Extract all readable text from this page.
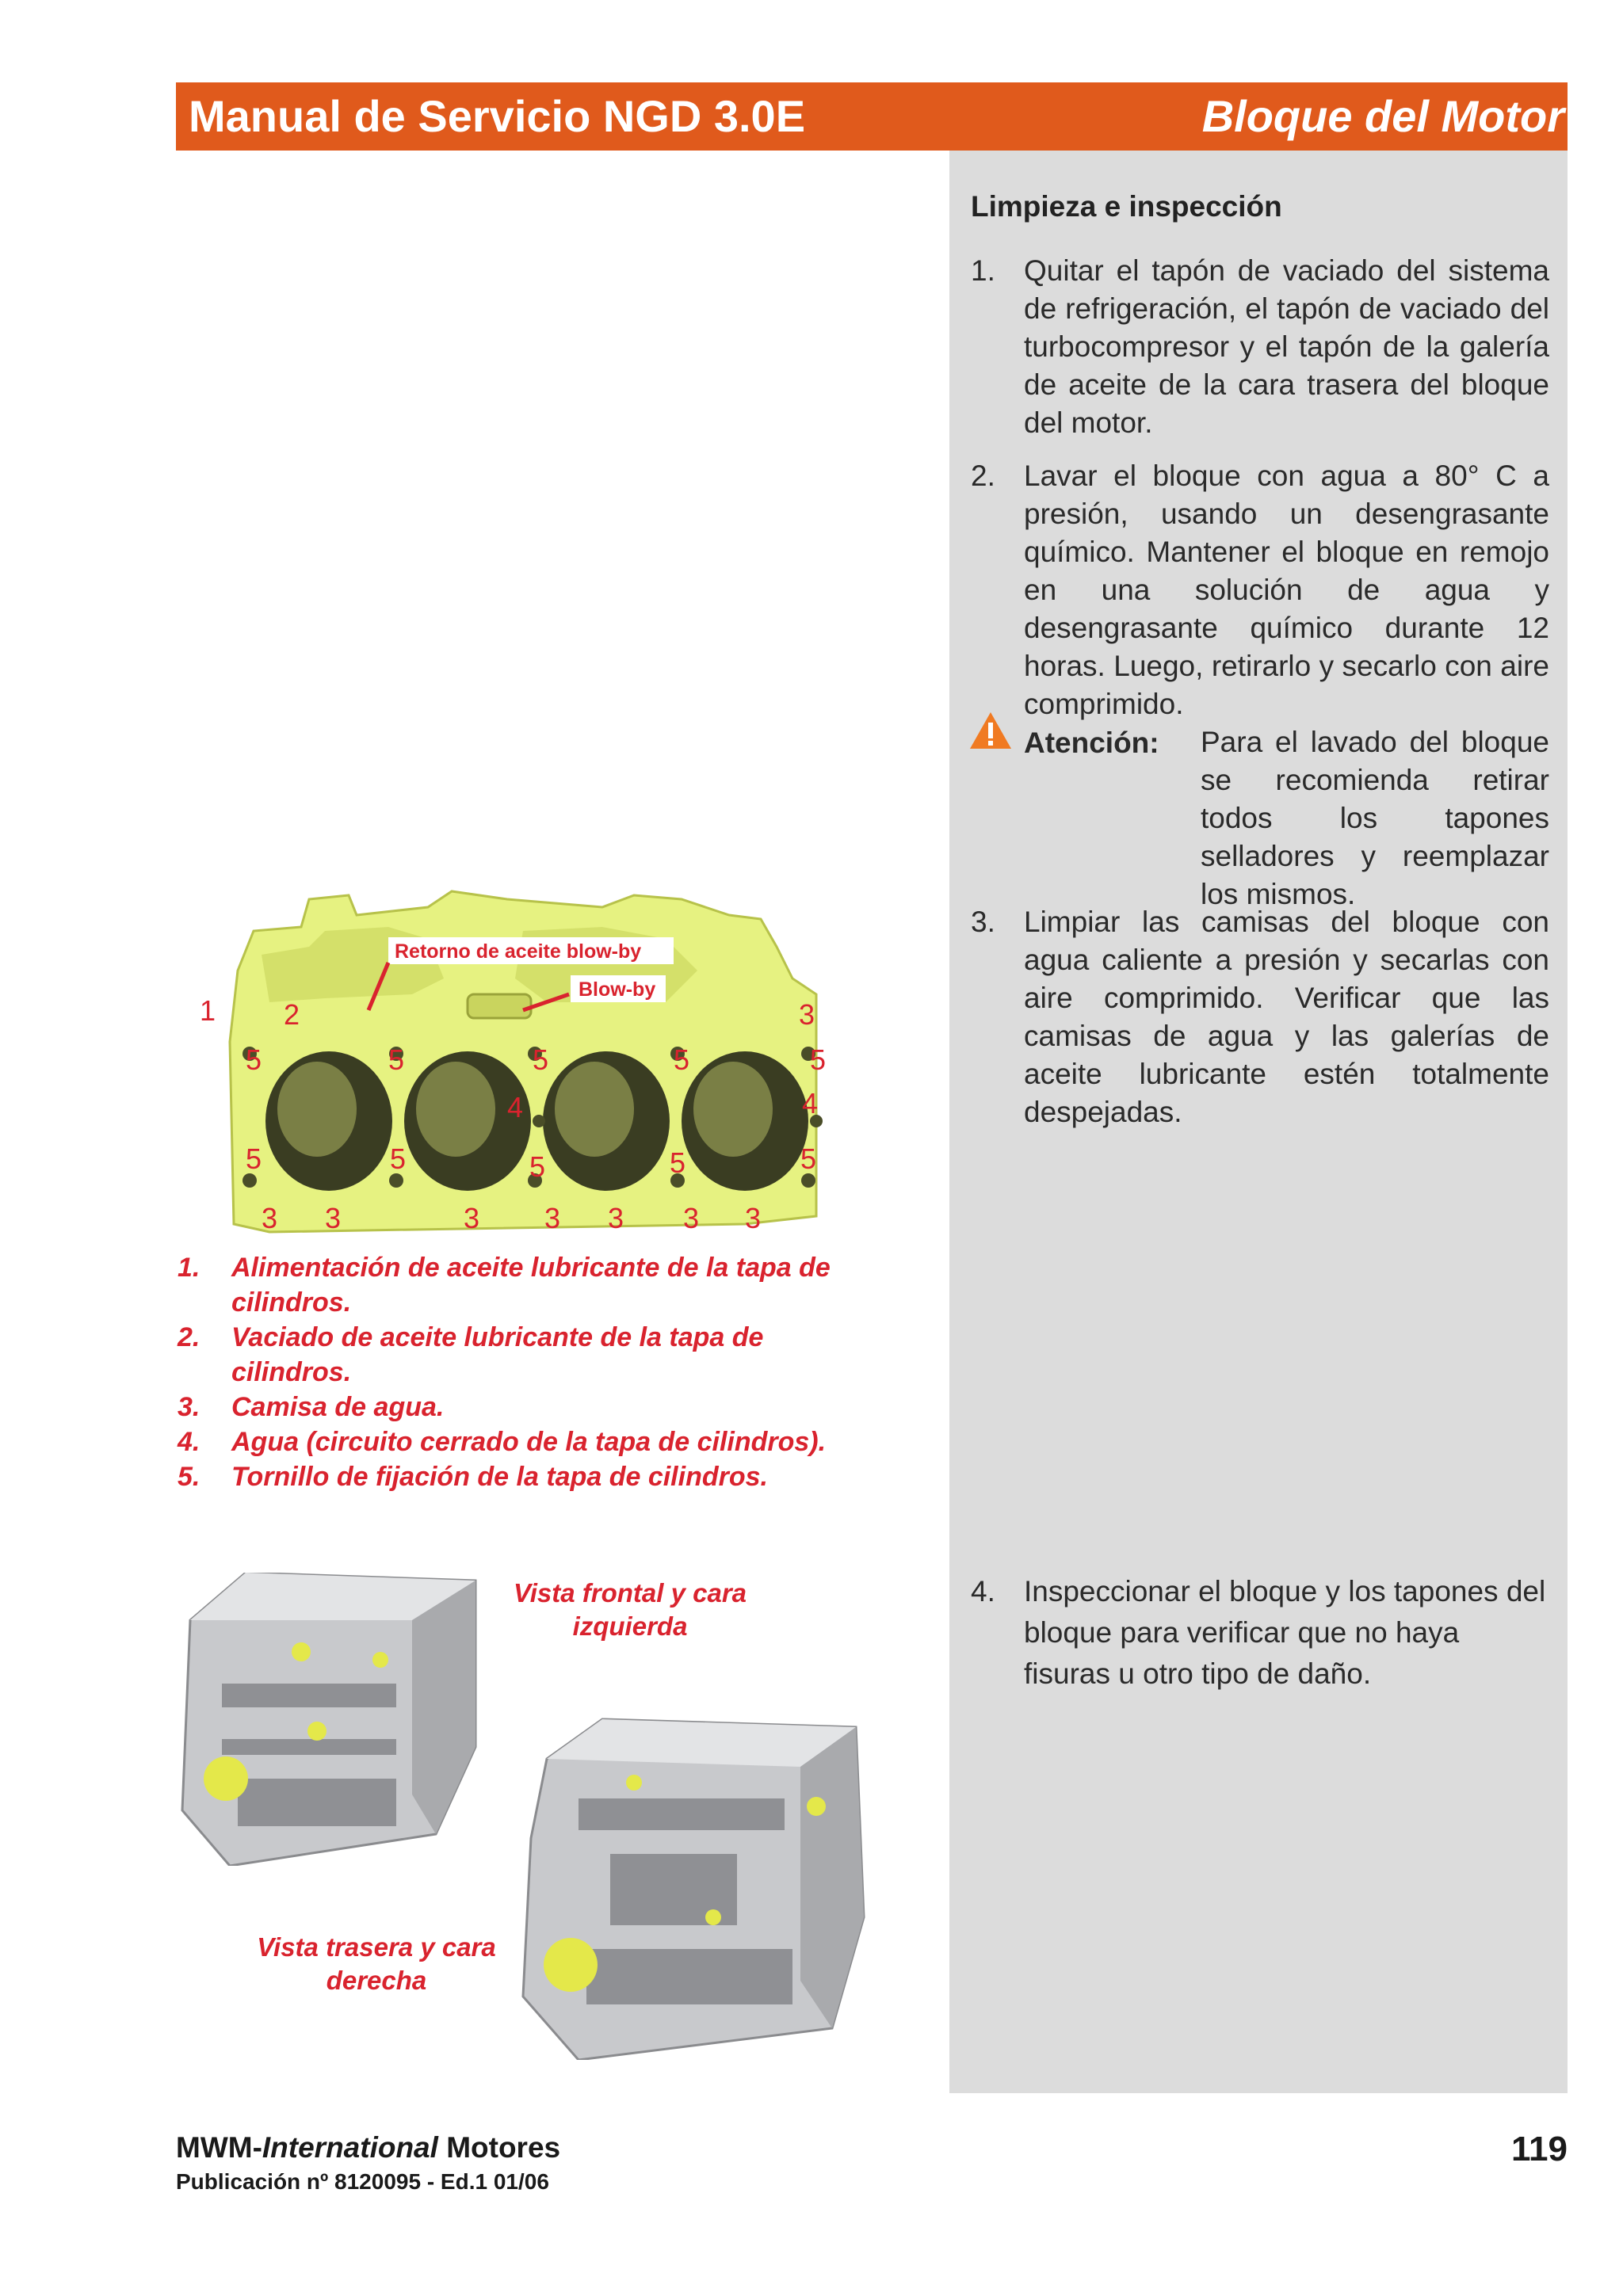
Manual de Servicio NGD 3.0E	Bloque del Motor
Limpieza e inspección
1. Quitar el tapón de vaciado del sistema de refrigeración, el tapón de vaciado del turbocompresor y el tapón de la galería de aceite de la cara trasera del bloque del motor.
2. Lavar el bloque con agua a 80° C a presión, usando un desengrasante químico. Mantener el bloque en remojo en una solución de agua y desengrasante químico durante 12 horas. Luego, retirarlo y secarlo con aire comprimido.
Atención: Para el lavado del bloque se recomienda retirar todos los tapones selladores y reemplazar los mismos.
3. Limpiar las camisas del bloque con agua caliente a presión y secarlas con aire comprimido. Verificar que las camisas de agua y las galerías de aceite lubricante estén totalmente despejadas.
4. Inspeccionar el bloque y los tapones del bloque para verificar que no haya fisuras u otro tipo de daño.
Retorno de aceite blow-by
Blow-by
1 2	3
5	5	5	5	5
4	4
5	5	5	5	5
3 3	3 3 3 3 3
1. Alimentación de aceite lubricante de la tapa de cilindros.
2. Vaciado de aceite lubricante de la tapa de cilindros.
3. Camisa de agua.
4. Agua (circuito cerrado de la tapa de cilindros).
5. Tornillo de fijación de la tapa de cilindros.
Vista frontal y cara izquierda
Vista trasera y cara derecha
MWM-International Motores
Publicación nº 8120095 - Ed.1 01/06
119
